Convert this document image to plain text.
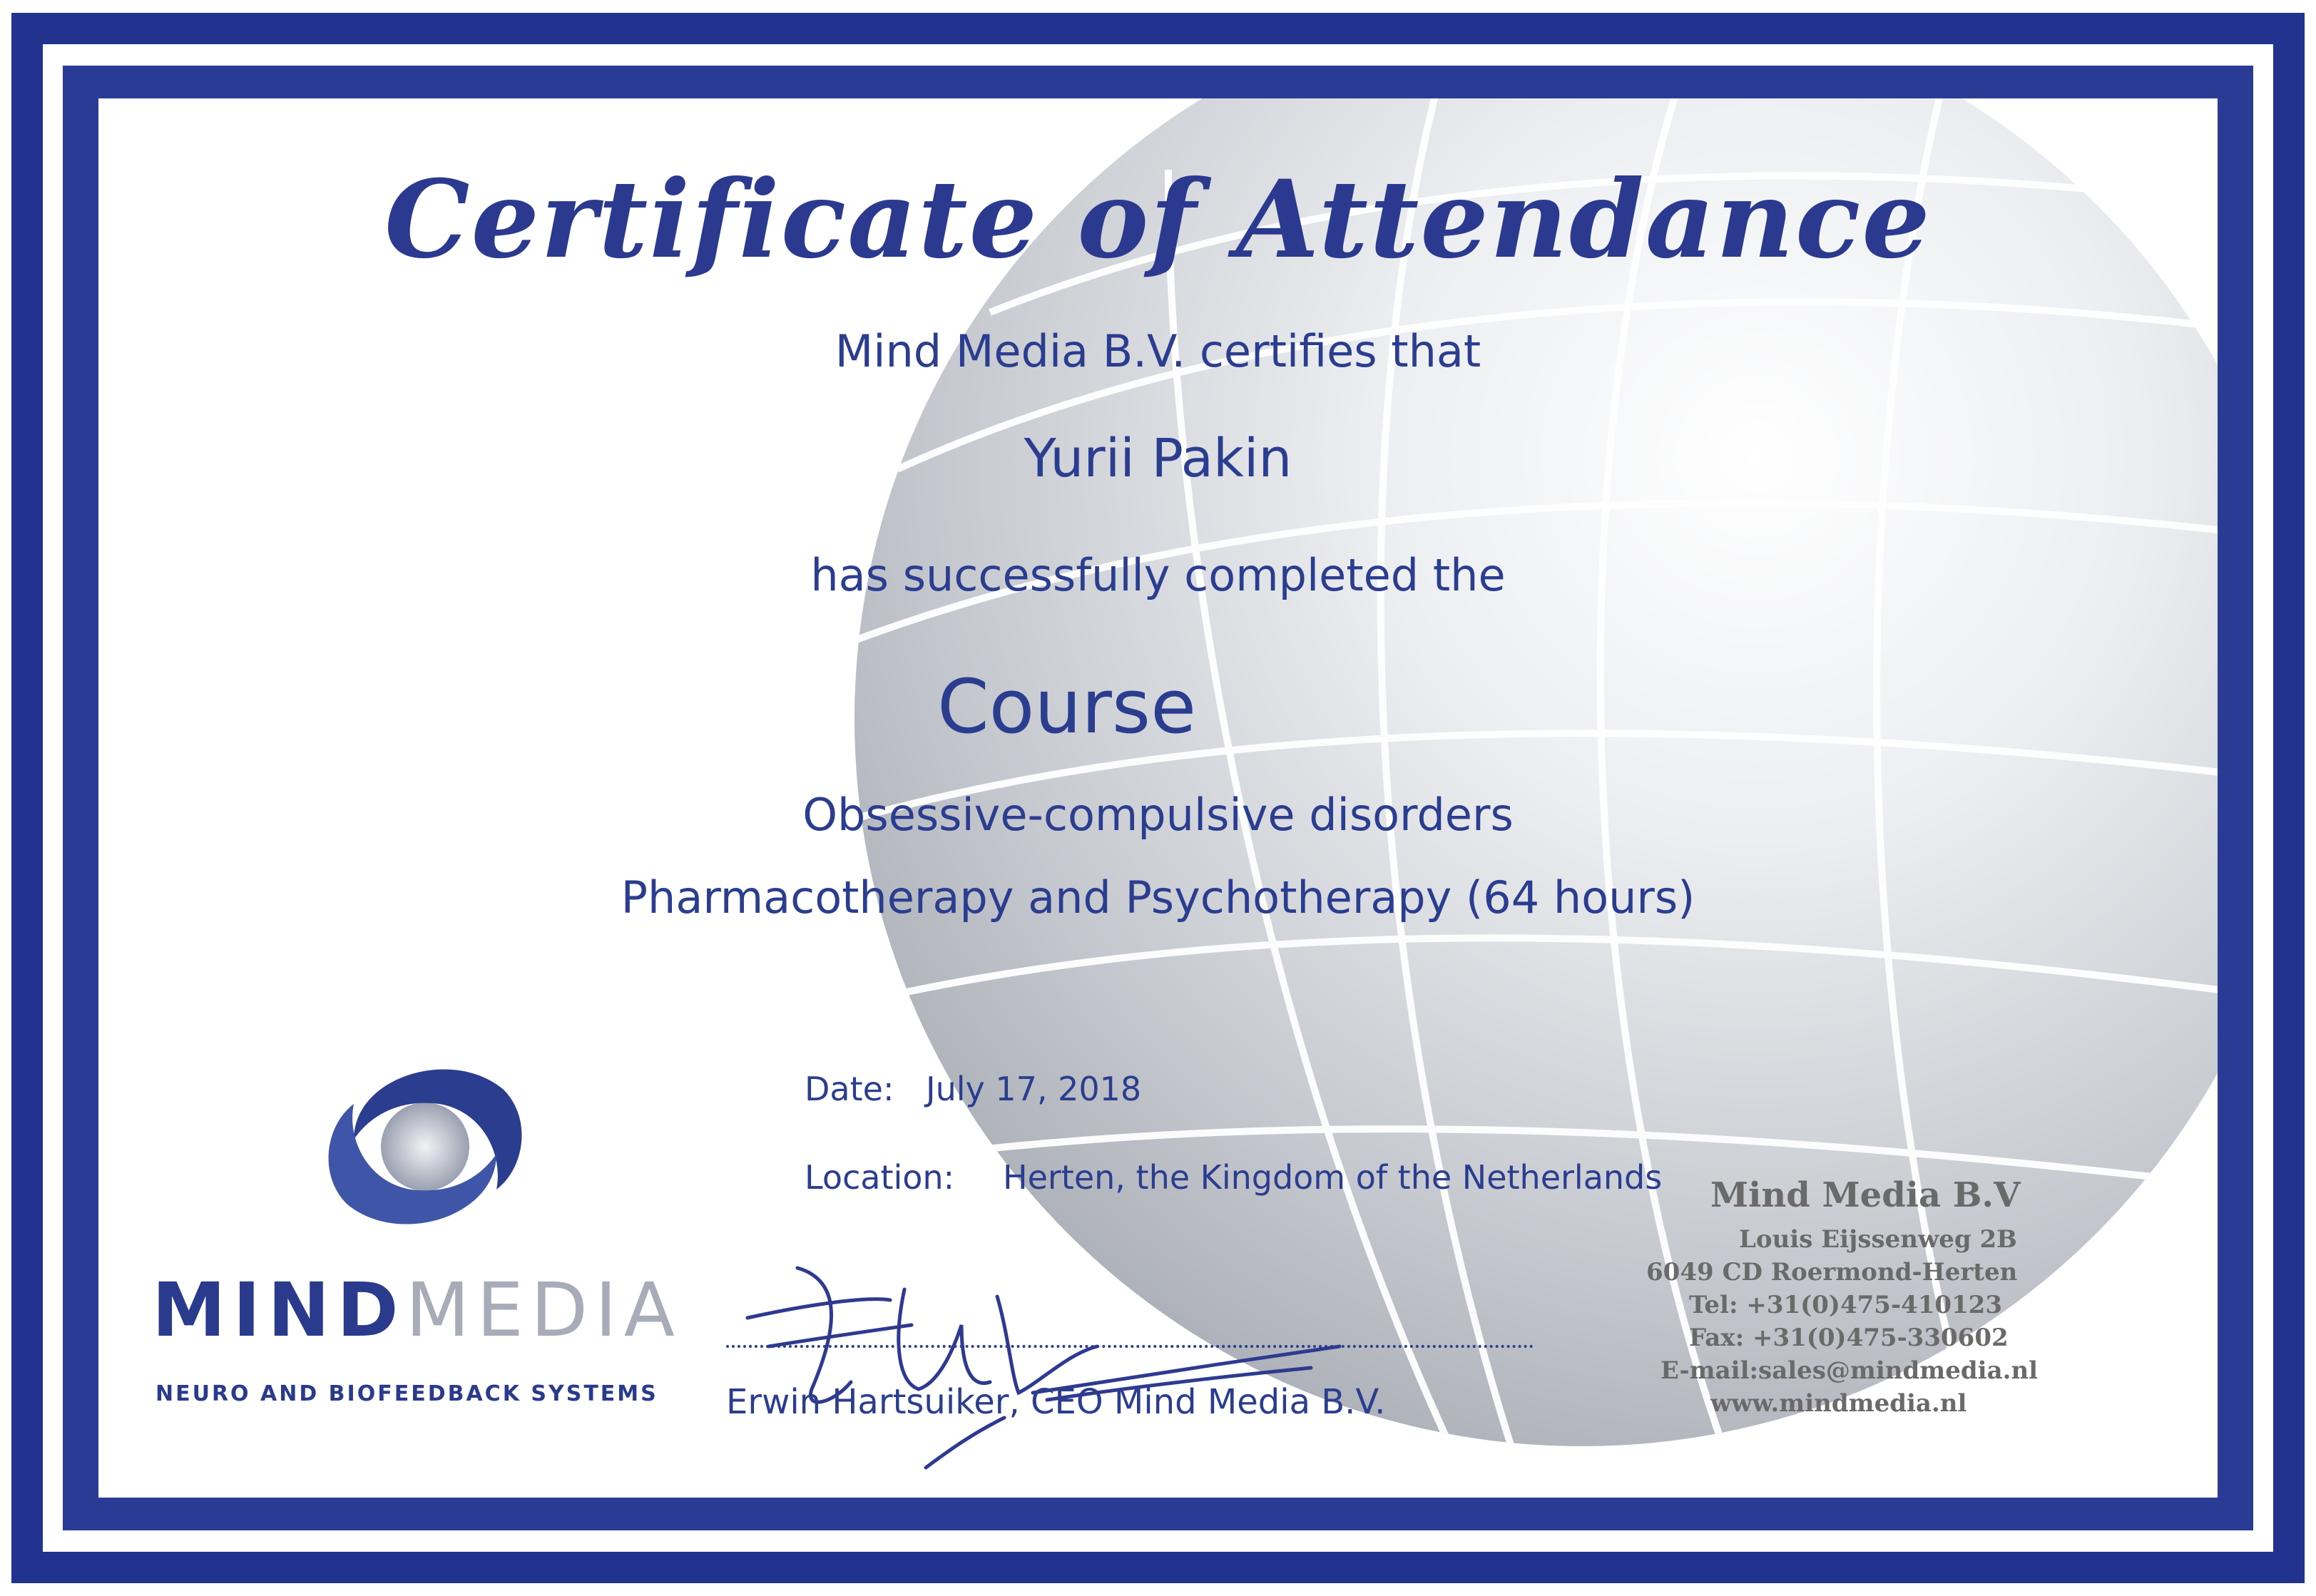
Certificate of Attendance
Mind Media B.V. certifies that
Yurii Pakin
has successfully completed the
Course
Obsessive-compulsive disorders
Pharmacotherapy and Psychotherapy (64 hours)
Date: July 17, 2018
Location: Herten, the Kingdom of the Netherlands
MINDMEDIA
NEURO AND BIOFEEDBACK SYSTEMS Erwin Hartsuiker, CEO Mind Media B.V.
Mind Media B.V
Louis Eijssenweg 2B
6049 CD Roermond-Herten
Tel: +31(0)475-410123
Fax: +31(0)475-330602
E-mail:sales@mindmedia.nl
www.mindmedia.nl
